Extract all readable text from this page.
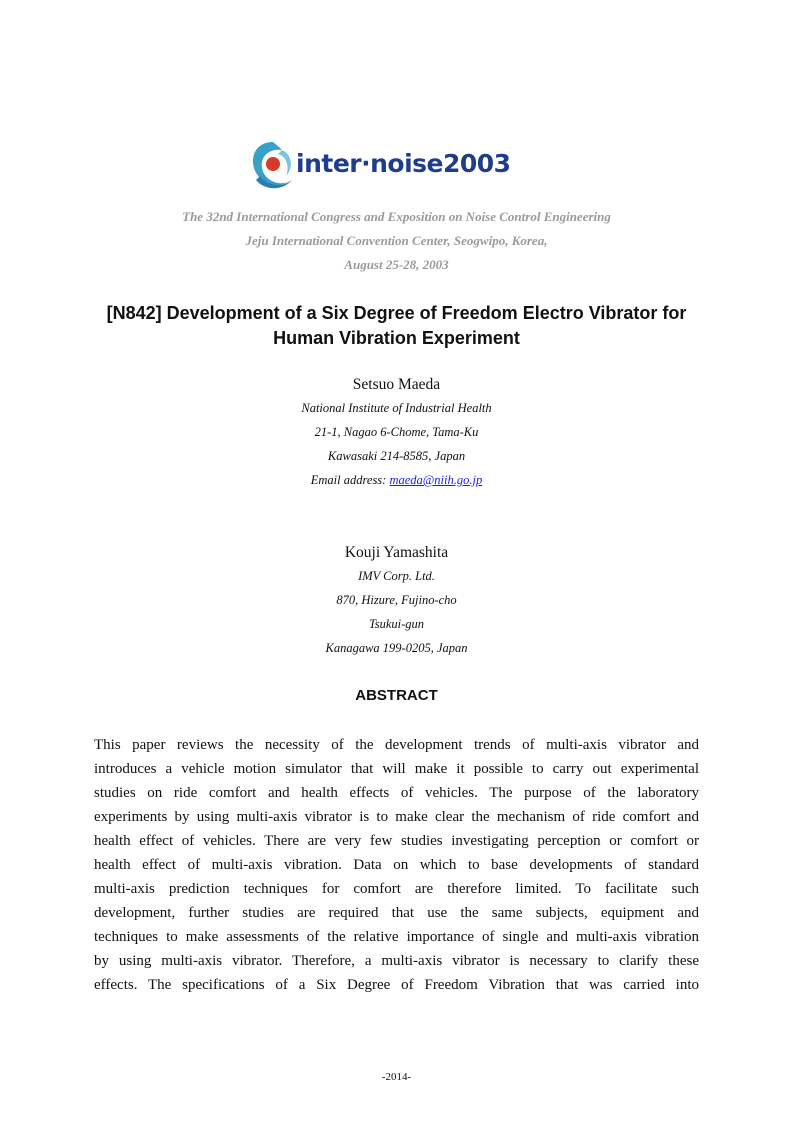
inter·noise2003
The 32nd International Congress and Exposition on Noise Control Engineering
Jeju International Convention Center, Seogwipo, Korea,
August 25-28, 2003
[N842] Development of a Six Degree of Freedom Electro Vibrator for
Human Vibration Experiment
Setsuo Maeda
National Institute of Industrial Health
21-1, Nagao 6-Chome, Tama-Ku
Kawasaki 214-8585, Japan
Email address: maeda@niih.go.jp
Kouji Yamashita
IMV Corp. Ltd.
870, Hizure, Fujino-cho
Tsukui-gun
Kanagawa 199-0205, Japan
ABSTRACT
This paper reviews the necessity of the development trends of multi-axis vibrator and
introduces a vehicle motion simulator that will make it possible to carry out experimental
studies on ride comfort and health effects of vehicles. The purpose of the laboratory
experiments by using multi-axis vibrator is to make clear the mechanism of ride comfort and
health effect of vehicles. There are very few studies investigating perception or comfort or
health effect of multi-axis vibration. Data on which to base developments of standard
multi-axis prediction techniques for comfort are therefore limited. To facilitate such
development, further studies are required that use the same subjects, equipment and
techniques to make assessments of the relative importance of single and multi-axis vibration
by using multi-axis vibrator. Therefore, a multi-axis vibrator is necessary to clarify these
effects. The specifications of a Six Degree of Freedom Vibration that was carried into
-2014-
